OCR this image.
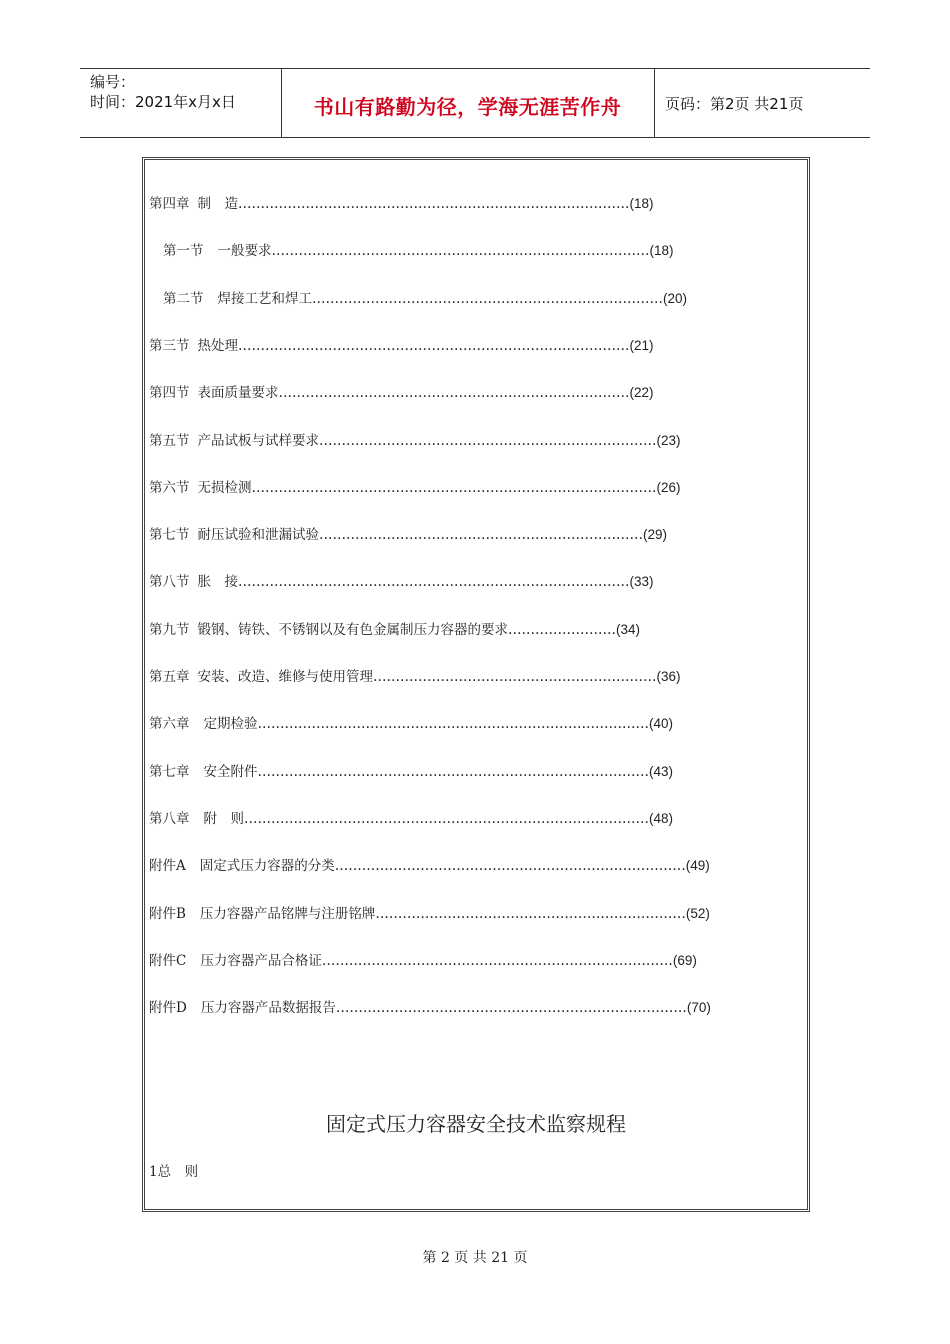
编号：
时间：2021年x月x日	书山有路勤为径，学海无涯苦作舟	页码：第2页 共21页
第四章 制　造……………………………………………………………………………(18)
第一节 一般要求…………………………………………………………………………(18)
第二节 焊接工艺和焊工……………………………………………………………………(20)
第三节 热处理……………………………………………………………………………(21)
第四节 表面质量要求……………………………………………………………………(22)
第五节 产品试板与试样要求…………………………………………………………………(23)
第六节 无损检测………………………………………………………………………………(26)
第七节 耐压试验和泄漏试验………………………………………………………………(29)
第八节 胀　接……………………………………………………………………………(33)
第九节 锻钢、铸铁、不锈钢以及有色金属制压力容器的要求……………………(34)
第五章 安装、改造、维修与使用管理………………………………………………………(36)
第六章 定期检验……………………………………………………………………………(40)
第七章 安全附件……………………………………………………………………………(43)
第八章 附　则………………………………………………………………………………(48)
附件A 固定式压力容器的分类……………………………………………………………………(49)
附件B 压力容器产品铭牌与注册铭牌……………………………………………………………(52)
附件C 压力容器产品合格证……………………………………………………………………(69)
附件D 压力容器产品数据报告……………………………………………………………………(70)
固定式压力容器安全技术监察规程
1总　则
第 2 页 共 21 页
